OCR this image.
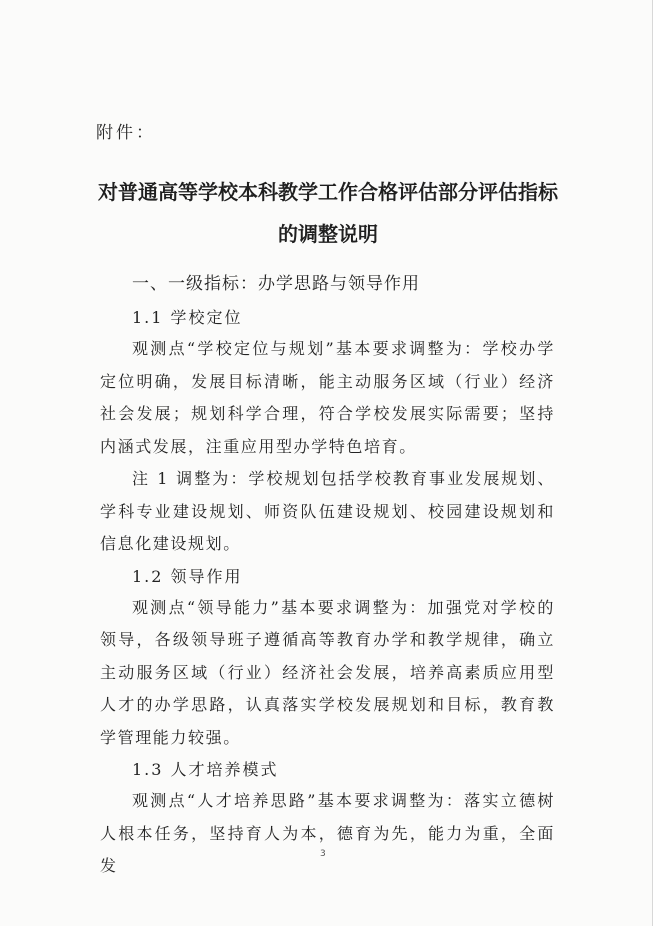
附件：
对普通高等学校本科教学工作合格评估部分评估指标
的调整说明

一、一级指标：办学思路与领导作用

1.1 学校定位

观测点“学校定位与规划”基本要求调整为：学校办学定位明确，发展目标清晰，能主动服务区域（行业）经济社会发展；规划科学合理，符合学校发展实际需要；坚持内涵式发展，注重应用型办学特色培育。

注 1 调整为：学校规划包括学校教育事业发展规划、学科专业建设规划、师资队伍建设规划、校园建设规划和信息化建设规划。

1.2 领导作用

观测点“领导能力”基本要求调整为：加强党对学校的领导，各级领导班子遵循高等教育办学和教学规律，确立主动服务区域（行业）经济社会发展，培养高素质应用型人才的办学思路，认真落实学校发展规划和目标，教育教学管理能力较强。

1.3 人才培养模式

观测点“人才培养思路”基本要求调整为：落实立德树人根本任务，坚持育人为本，德育为先，能力为重，全面发

3
